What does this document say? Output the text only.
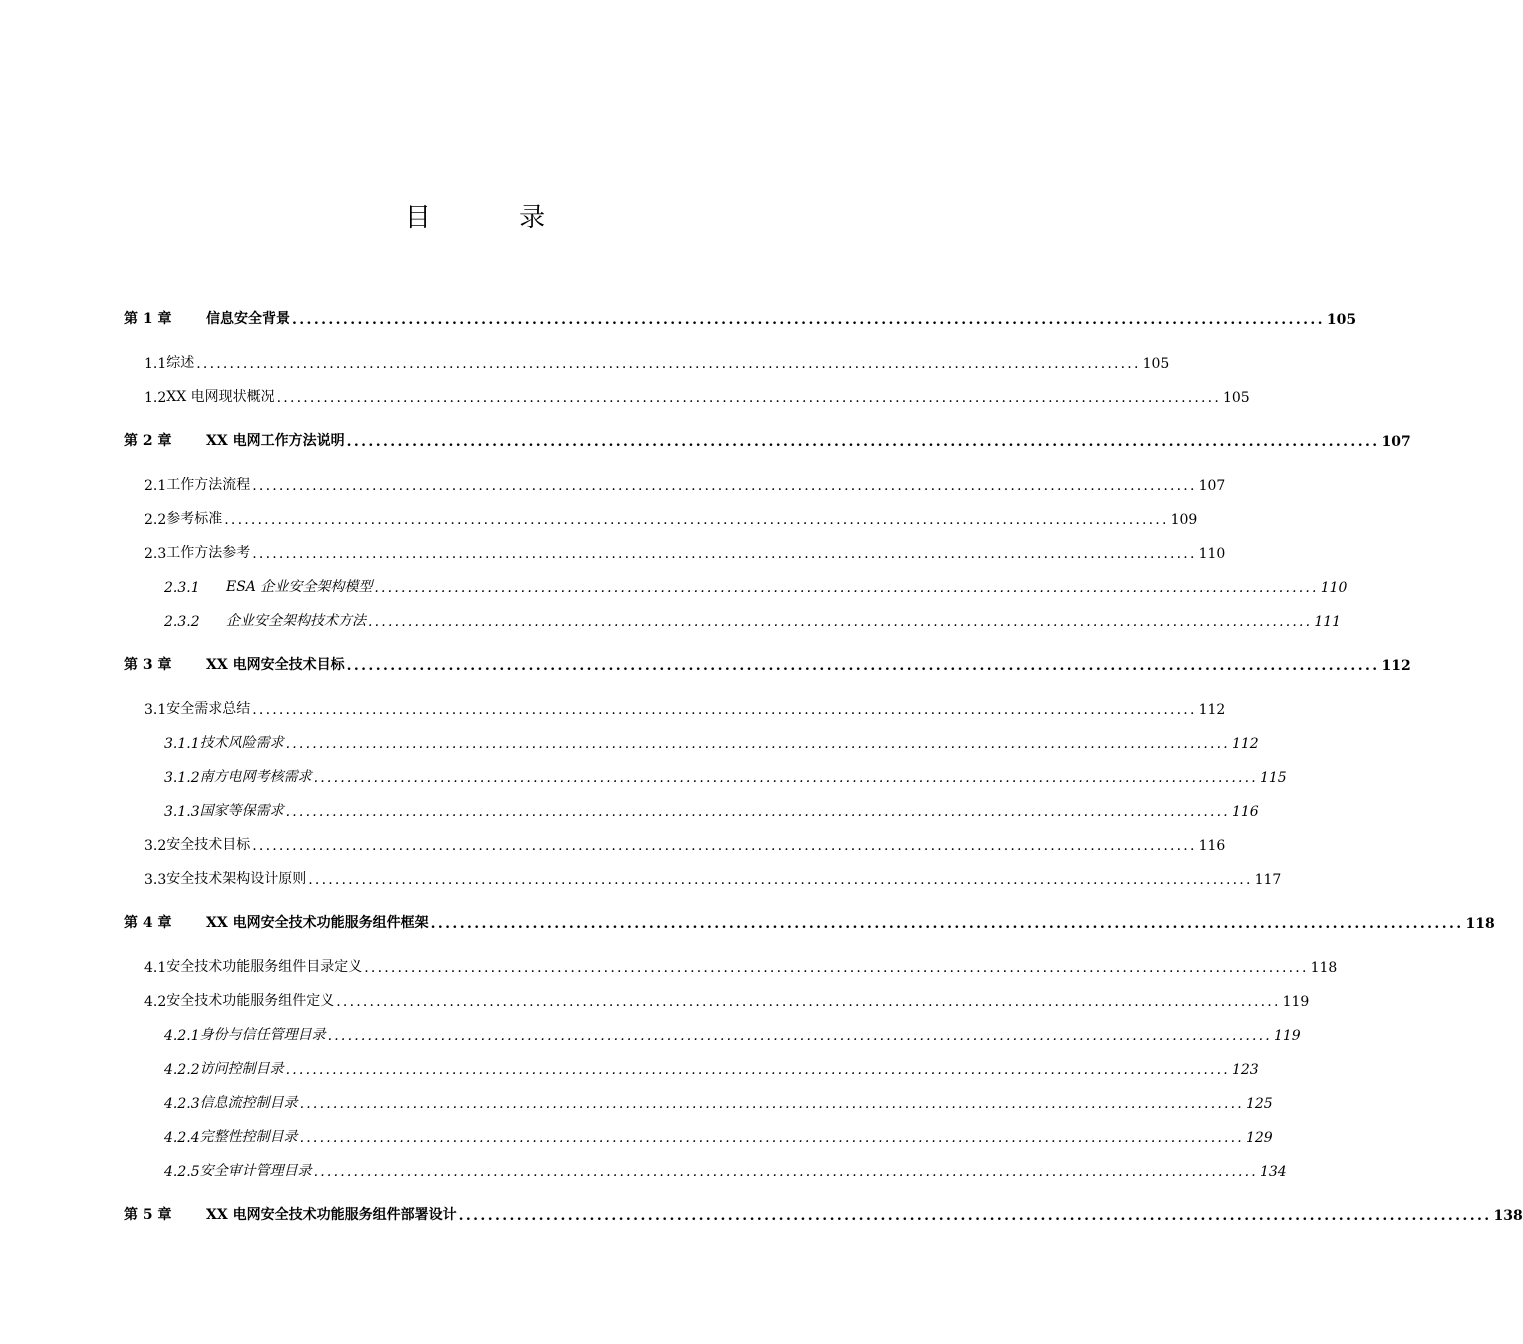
目 录
第 1 章	信息安全背景 .............................................................................................................................................. 105
1.1 综述 .............................................................................................................................................. 105
1.2 XX 电网现状概况 .............................................................................................................................................. 105
第 2 章	XX 电网工作方法说明 .............................................................................................................................................. 107
2.1 工作方法流程 .............................................................................................................................................. 107
2.2 参考标准 .............................................................................................................................................. 109
2.3 工作方法参考 .............................................................................................................................................. 110
2.3.1	ESA 企业安全架构模型 .............................................................................................................................................. 110
2.3.2	企业安全架构技术方法 .............................................................................................................................................. 111
第 3 章	XX 电网安全技术目标 .............................................................................................................................................. 112
3.1 安全需求总结 .............................................................................................................................................. 112
3.1.1 技术风险需求 .............................................................................................................................................. 112
3.1.2 南方电网考核需求 .............................................................................................................................................. 115
3.1.3 国家等保需求 .............................................................................................................................................. 116
3.2 安全技术目标 .............................................................................................................................................. 116
3.3 安全技术架构设计原则 .............................................................................................................................................. 117
第 4 章	XX 电网安全技术功能服务组件框架 .............................................................................................................................................. 118
4.1 安全技术功能服务组件目录定义 .............................................................................................................................................. 118
4.2 安全技术功能服务组件定义 .............................................................................................................................................. 119
4.2.1 身份与信任管理目录 .............................................................................................................................................. 119
4.2.2 访问控制目录 .............................................................................................................................................. 123
4.2.3 信息流控制目录 .............................................................................................................................................. 125
4.2.4 完整性控制目录 .............................................................................................................................................. 129
4.2.5 安全审计管理目录 .............................................................................................................................................. 134
第 5 章	XX 电网安全技术功能服务组件部署设计 .............................................................................................................................................. 138
